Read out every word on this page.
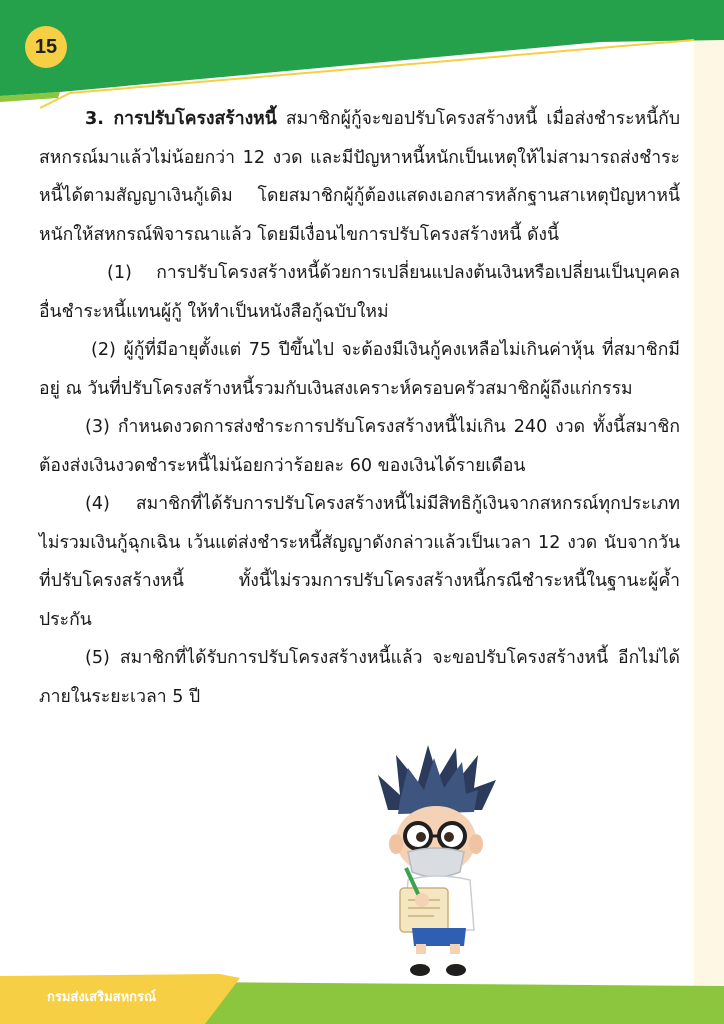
15

3. การปรับโครงสร้างหนี้ สมาชิกผู้กู้จะขอปรับโครงสร้างหนี้ เมื่อส่งชำระหนี้กับสหกรณ์มาแล้วไม่น้อยกว่า 12 งวด และมีปัญหาหนี้หนักเป็นเหตุให้ไม่สามารถส่งชำระหนี้ได้ตามสัญญาเงินกู้เดิม โดยสมาชิกผู้กู้ต้องแสดงเอกสารหลักฐานสาเหตุปัญหาหนี้หนักให้สหกรณ์พิจารณาแล้ว โดยมีเงื่อนไขการปรับโครงสร้างหนี้ ดังนี้

(1) การปรับโครงสร้างหนี้ด้วยการเปลี่ยนแปลงต้นเงินหรือเปลี่ยนเป็นบุคคลอื่นชำระหนี้แทนผู้กู้ ให้ทำเป็นหนังสือกู้ฉบับใหม่

(2) ผู้กู้ที่มีอายุตั้งแต่ 75 ปีขึ้นไป จะต้องมีเงินกู้คงเหลือไม่เกินค่าหุ้น ที่สมาชิกมีอยู่ ณ วันที่ปรับโครงสร้างหนี้รวมกับเงินสงเคราะห์ครอบครัวสมาชิกผู้ถึงแก่กรรม

(3) กำหนดงวดการส่งชำระการปรับโครงสร้างหนี้ไม่เกิน 240 งวด ทั้งนี้สมาชิกต้องส่งเงินงวดชำระหนี้ไม่น้อยกว่าร้อยละ 60 ของเงินได้รายเดือน

(4) สมาชิกที่ได้รับการปรับโครงสร้างหนี้ไม่มีสิทธิกู้เงินจากสหกรณ์ทุกประเภท ไม่รวมเงินกู้ฉุกเฉิน เว้นแต่ส่งชำระหนี้สัญญาดังกล่าวแล้วเป็นเวลา 12 งวด นับจากวันที่ปรับโครงสร้างหนี้ ทั้งนี้ไม่รวมการปรับโครงสร้างหนี้กรณีชำระหนี้ในฐานะผู้ค้ำประกัน

(5) สมาชิกที่ได้รับการปรับโครงสร้างหนี้แล้ว จะขอปรับโครงสร้างหนี้ อีกไม่ได้ ภายในระยะเวลา 5 ปี

กรมส่งเสริมสหกรณ์
